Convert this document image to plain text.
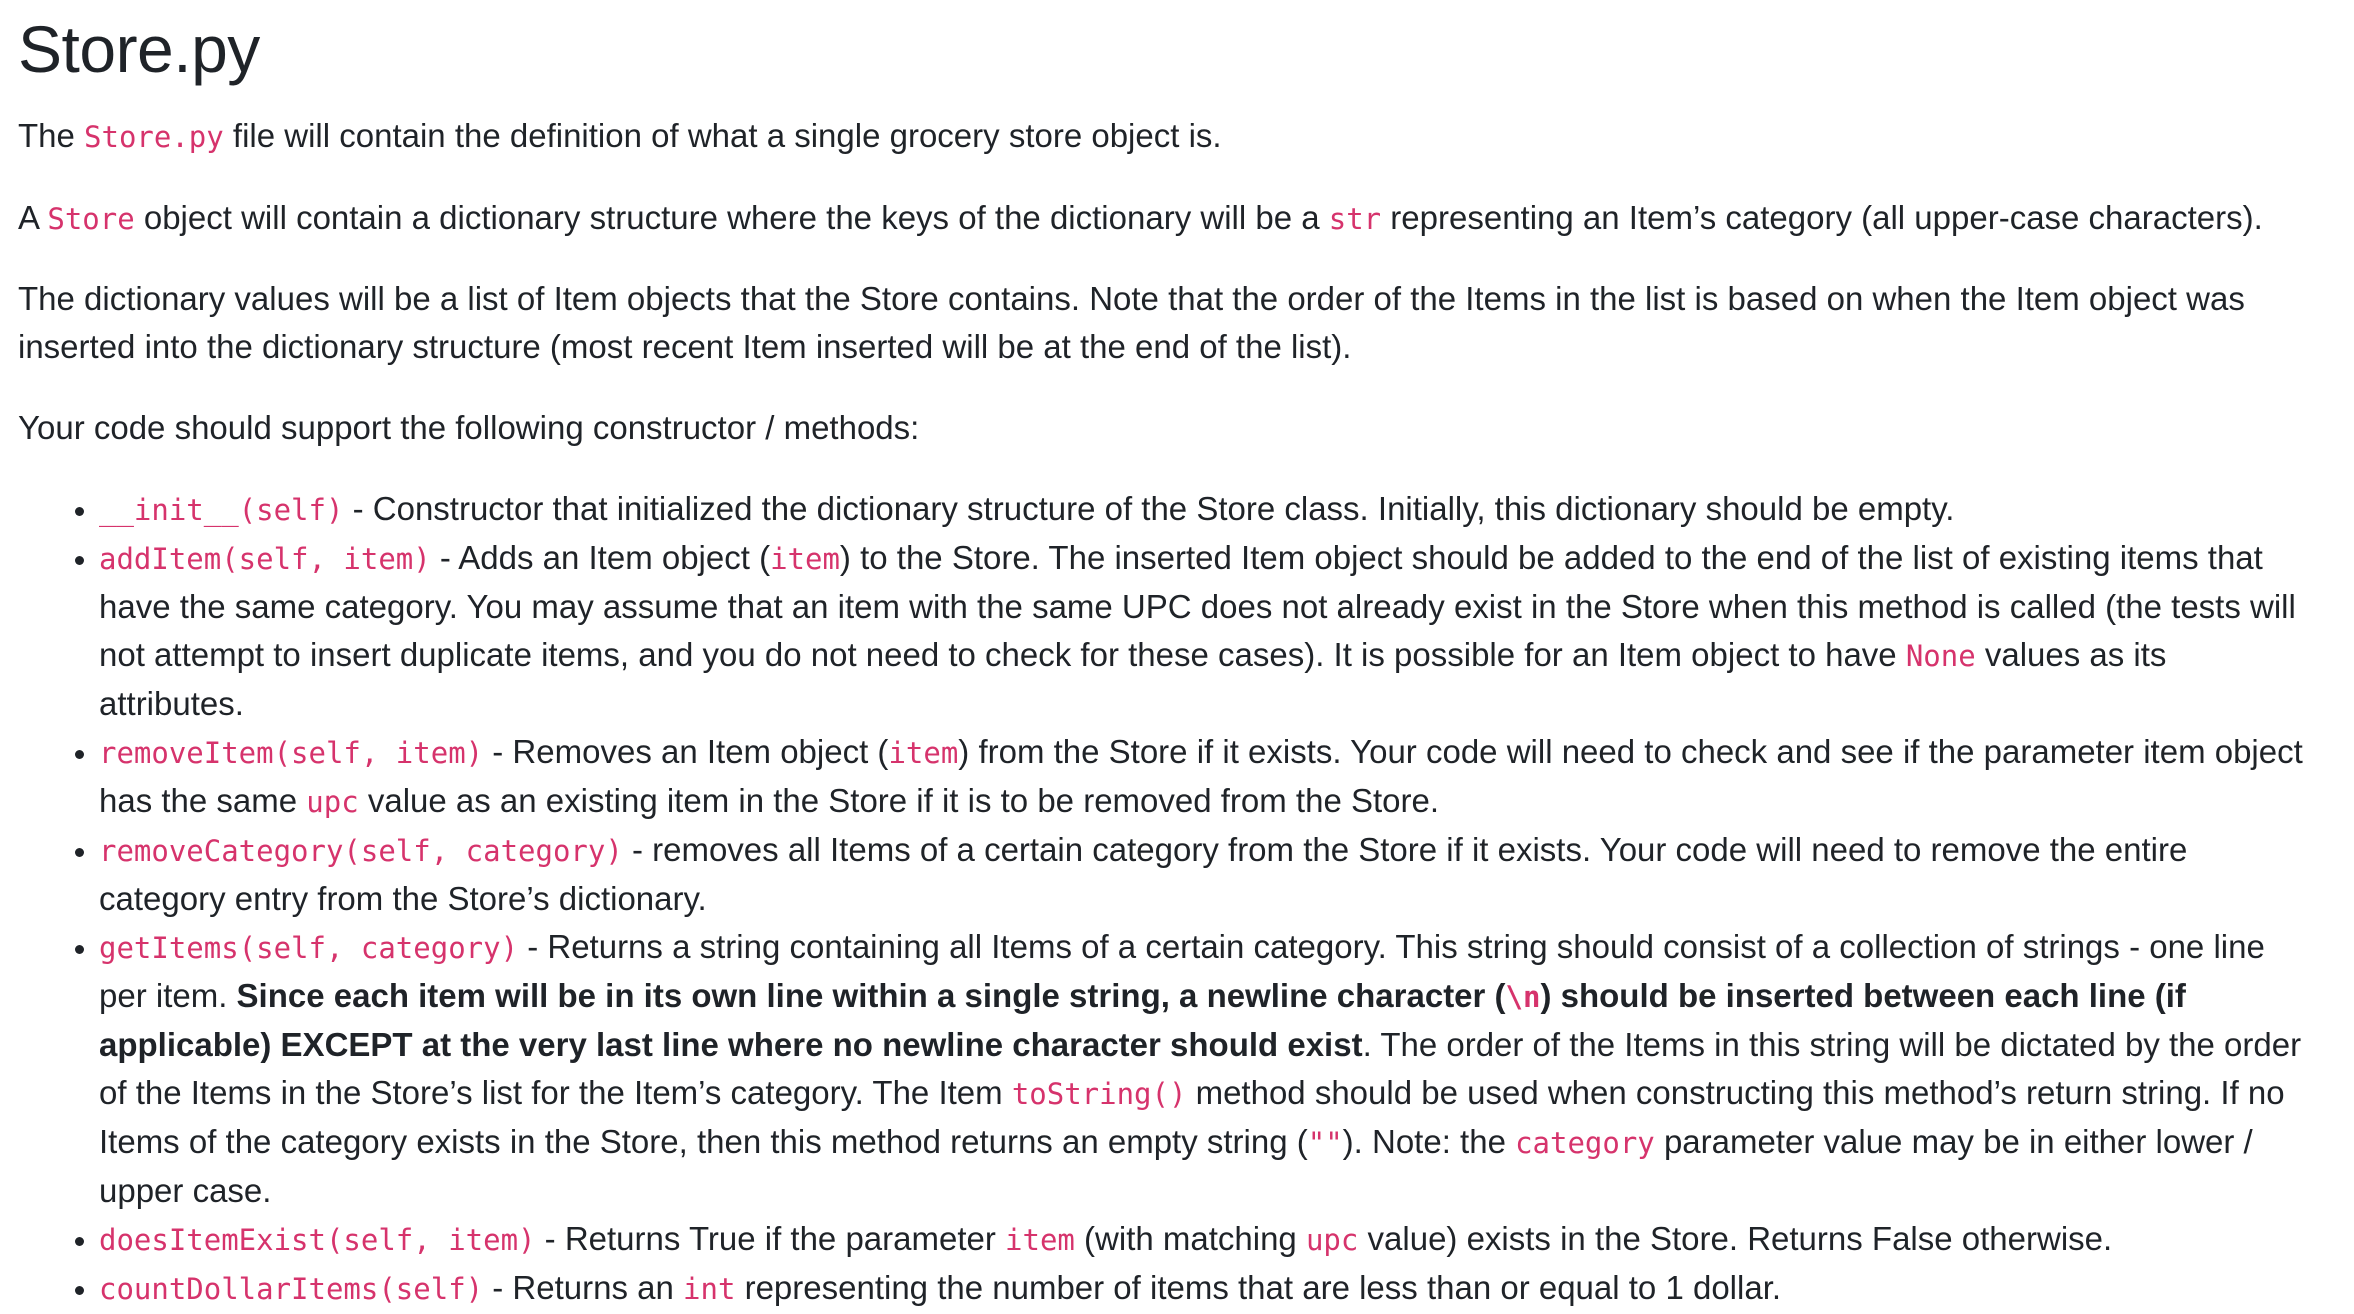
Store.py

The Store.py file will contain the definition of what a single grocery store object is.

A Store object will contain a dictionary structure where the keys of the dictionary will be a str representing an Item’s category (all upper-case characters).

The dictionary values will be a list of Item objects that the Store contains. Note that the order of the Items in the list is based on when the Item object was inserted into the dictionary structure (most recent Item inserted will be at the end of the list).

Your code should support the following constructor / methods:

• __init__(self) - Constructor that initialized the dictionary structure of the Store class. Initially, this dictionary should be empty.
• addItem(self, item) - Adds an Item object (item) to the Store. The inserted Item object should be added to the end of the list of existing items that have the same category. You may assume that an item with the same UPC does not already exist in the Store when this method is called (the tests will not attempt to insert duplicate items, and you do not need to check for these cases). It is possible for an Item object to have None values as its attributes.
• removeItem(self, item) - Removes an Item object (item) from the Store if it exists. Your code will need to check and see if the parameter item object has the same upc value as an existing item in the Store if it is to be removed from the Store.
• removeCategory(self, category) - removes all Items of a certain category from the Store if it exists. Your code will need to remove the entire category entry from the Store’s dictionary.
• getItems(self, category) - Returns a string containing all Items of a certain category. This string should consist of a collection of strings - one line per item. Since each item will be in its own line within a single string, a newline character (\n) should be inserted between each line (if applicable) EXCEPT at the very last line where no newline character should exist. The order of the Items in this string will be dictated by the order of the Items in the Store’s list for the Item’s category. The Item toString() method should be used when constructing this method’s return string. If no Items of the category exists in the Store, then this method returns an empty string (""). Note: the category parameter value may be in either lower / upper case.
• doesItemExist(self, item) - Returns True if the parameter item (with matching upc value) exists in the Store. Returns False otherwise.
• countDollarItems(self) - Returns an int representing the number of items that are less than or equal to 1 dollar.
